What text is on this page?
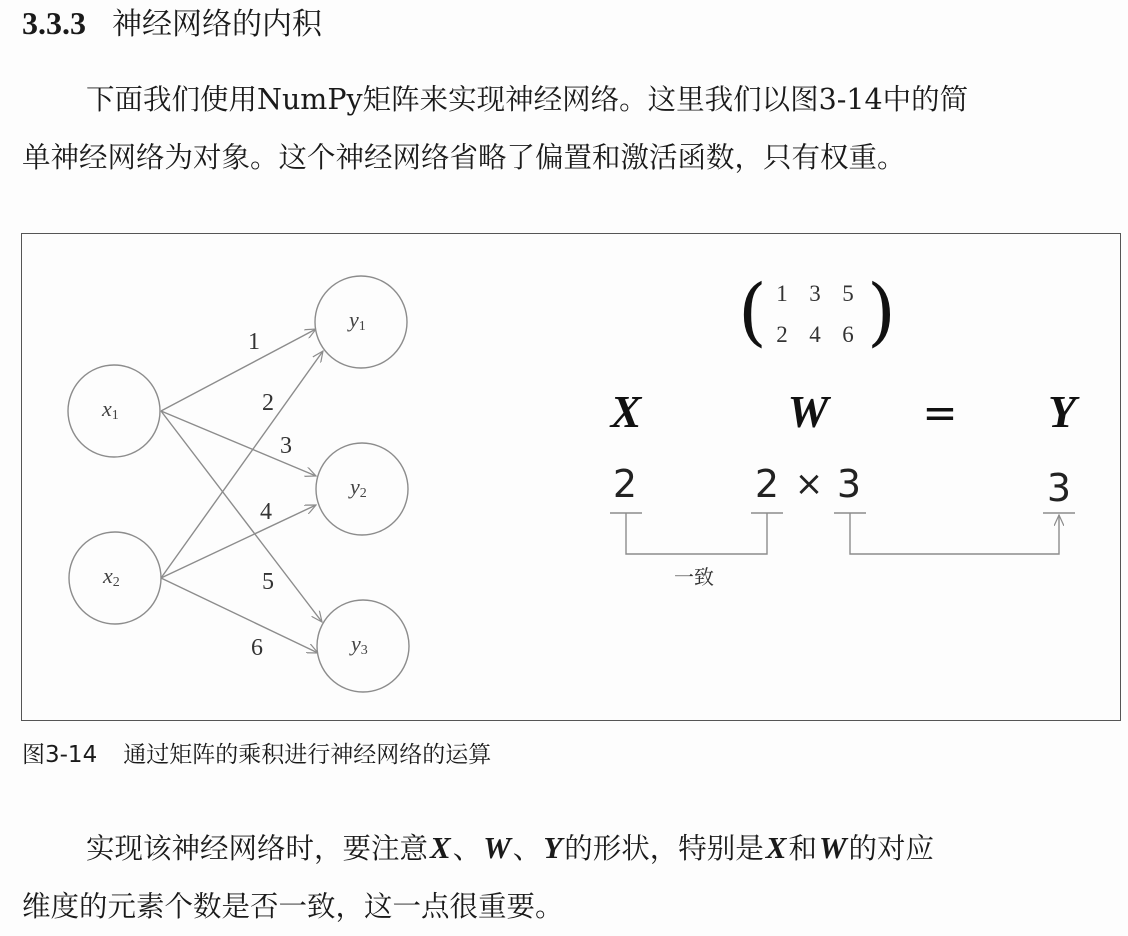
3.3.3 神经网络的内积

下面我们使用NumPy矩阵来实现神经网络。这里我们以图3-14中的简
单神经网络为对象。这个神经网络省略了偏置和激活函数，只有权重。

x1
x2
y1
y2
y3
1
2
3
4
5
6
( )
1 3 5
2 4 6
X	W	Y
=
2	2 × 3	3
一致
图3-14 通过矩阵的乘积进行神经网络的运算

实现该神经网络时，要注意X、W、Y的形状，特别是X和W的对应
维度的元素个数是否一致，这一点很重要。
